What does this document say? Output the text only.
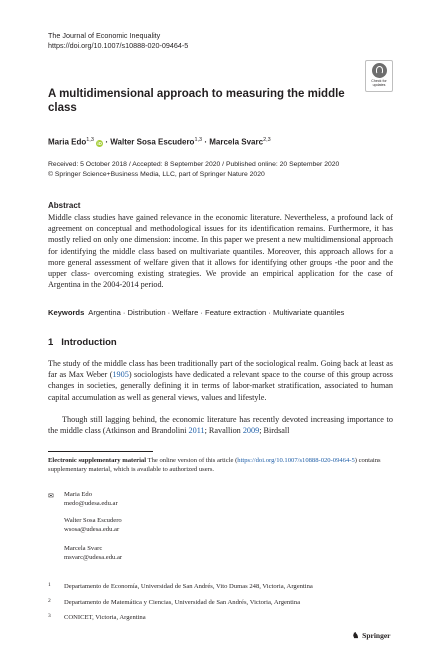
The Journal of Economic Inequality
https://doi.org/10.1007/s10888-020-09464-5
Check for
updates
A multidimensional approach to measuring the middle class
Maria Edo$^{1,3}$ iD · Walter Sosa Escudero$^{1,3}$ · Marcela Svarc$^{2,3}$
Received: 5 October 2018 / Accepted: 8 September 2020 / Published online: 20 September 2020
© Springer Science+Business Media, LLC, part of Springer Nature 2020
Abstract
Middle class studies have gained relevance in the economic literature. Nevertheless, a profound lack of agreement on conceptual and methodological issues for its identification remains. Furthermore, it has mostly relied on only one dimension: income. In this paper we present a new multidimensional approach for identifying the middle class based on multivariate quantiles. Moreover, this approach allows for a more general assessment of welfare given that it allows for identifying other groups -the poor and the upper class- overcoming existing strategies. We provide an empirical application for the case of Argentina in the 2004-2014 period.
Keywords Argentina · Distribution · Welfare · Feature extraction · Multivariate quantiles
1 Introduction
The study of the middle class has been traditionally part of the sociological realm. Going back at least as far as Max Weber (1905) sociologists have dedicated a relevant space to the course of this group across changes in societies, generally defining it in terms of labor-market stratification, associated to human capital accumulation as well as general views, values and lifestyle.
Though still lagging behind, the economic literature has recently devoted increasing importance to the middle class (Atkinson and Brandolini 2011; Ravallion 2009; Birdsall
Electronic supplementary material The online version of this article (https://doi.org/10.1007/s10888-020-09464-5) contains supplementary material, which is available to authorized users.
✉ Maria Edo
medo@udesa.edu.ar
Walter Sosa Escudero
wsosa@udesa.edu.ar
Marcela Svarc
msvarc@udesa.edu.ar
1 Departamento de Economía, Universidad de San Andrés, Vito Dumas 248, Victoria, Argentina
2 Departamento de Matemática y Ciencias, Universidad de San Andrés, Victoria, Argentina
3 CONICET, Victoria, Argentina
♞ Springer
